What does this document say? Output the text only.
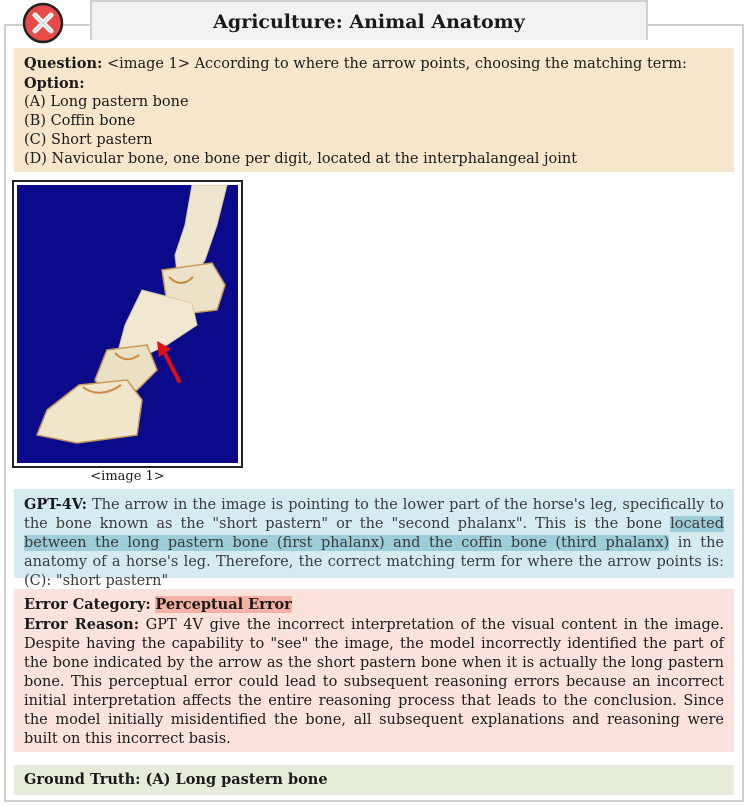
Agriculture: Animal Anatomy
Question: <image 1> According to where the arrow points, choosing the matching term:
Option:
(A) Long pastern bone
(B) Coffin bone
(C) Short pastern
(D) Navicular bone, one bone per digit, located at the interphalangeal joint
<image 1>
GPT-4V: The arrow in the image is pointing to the lower part of the horse's leg, specifically to the bone known as the "short pastern" or the "second phalanx". This is the bone located between the long pastern bone (first phalanx) and the coffin bone (third phalanx) in the anatomy of a horse's leg. Therefore, the correct matching term for where the arrow points is: (C): "short pastern"
Error Category: Perceptual Error
Error Reason: GPT 4V give the incorrect interpretation of the visual content in the image. Despite having the capability to "see" the image, the model incorrectly identified the part of the bone indicated by the arrow as the short pastern bone when it is actually the long pastern bone. This perceptual error could lead to subsequent reasoning errors because an incorrect initial interpretation affects the entire reasoning process that leads to the conclusion. Since the model initially misidentified the bone, all subsequent explanations and reasoning were built on this incorrect basis.
Ground Truth: (A) Long pastern bone
